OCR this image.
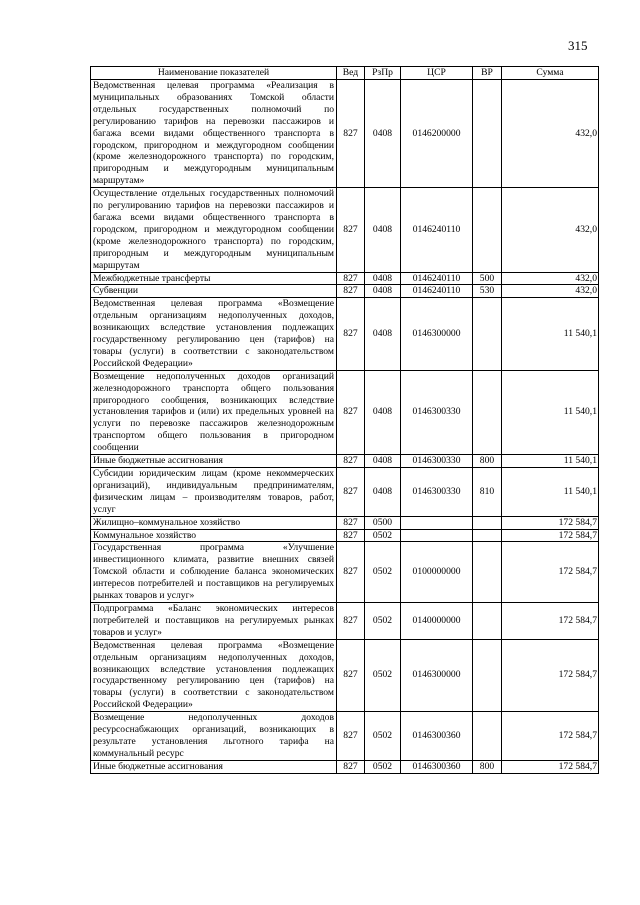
315
Наименование показателей	Вед	РзПр	ЦСР	ВР	Сумма
Ведомственная целевая программа «Реализация в муниципальных образованиях Томской области отдельных государственных полномочий по регулированию тарифов на перевозки пассажиров и багажа всеми видами общественного транспорта в городском, пригородном и междугородном сообщении (кроме железнодорожного транспорта) по городским, пригородным и междугородным муниципальным маршрутам»	827	0408	0146200000		432,0
Осуществление отдельных государственных полномочий по регулированию тарифов на перевозки пассажиров и багажа всеми видами общественного транспорта в городском, пригородном и междугородном сообщении (кроме железнодорожного транспорта) по городским, пригородным и междугородным муниципальным маршрутам	827	0408	0146240110		432,0
Межбюджетные трансферты	827	0408	0146240110	500	432,0
Субвенции	827	0408	0146240110	530	432,0
Ведомственная целевая программа «Возмещение отдельным организациям недополученных доходов, возникающих вследствие установления подлежащих государственному регулированию цен (тарифов) на товары (услуги) в соответствии с законодательством Российской Федерации»	827	0408	0146300000		11 540,1
Возмещение недополученных доходов организаций железнодорожного транспорта общего пользования пригородного сообщения, возникающих вследствие установления тарифов и (или) их предельных уровней на услуги по перевозке пассажиров железнодорожным транспортом общего пользования в пригородном сообщении	827	0408	0146300330		11 540,1
Иные бюджетные ассигнования	827	0408	0146300330	800	11 540,1
Субсидии юридическим лицам (кроме некоммерческих организаций), индивидуальным предпринимателям, физическим лицам – производителям товаров, работ, услуг	827	0408	0146300330	810	11 540,1
Жилищно–коммунальное хозяйство	827	0500			172 584,7
Коммунальное хозяйство	827	0502			172 584,7
Государственная программа «Улучшение инвестиционного климата, развитие внешних связей Томской области и соблюдение баланса экономических интересов потребителей и поставщиков на регулируемых рынках товаров и услуг»	827	0502	0100000000		172 584,7
Подпрограмма «Баланс экономических интересов потребителей и поставщиков на регулируемых рынках товаров и услуг»	827	0502	0140000000		172 584,7
Ведомственная целевая программа «Возмещение отдельным организациям недополученных доходов, возникающих вследствие установления подлежащих государственному регулированию цен (тарифов) на товары (услуги) в соответствии с законодательством Российской Федерации»	827	0502	0146300000		172 584,7
Возмещение недополученных доходов ресурсоснабжающих организаций, возникающих в результате установления льготного тарифа на коммунальный ресурс	827	0502	0146300360		172 584,7
Иные бюджетные ассигнования	827	0502	0146300360	800	172 584,7
